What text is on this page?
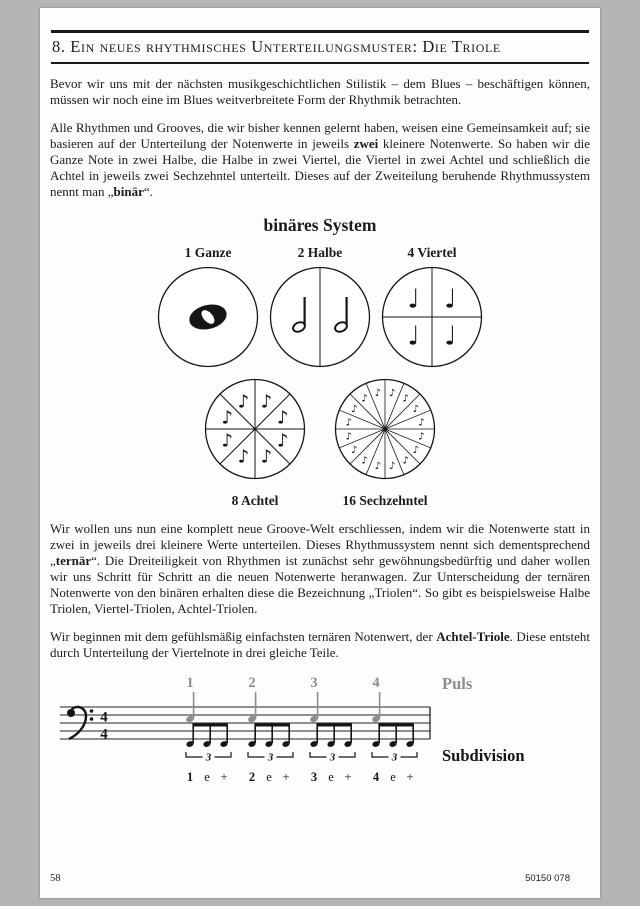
8. Ein neues rhythmisches Unterteilungsmuster: Die Triole

Bevor wir uns mit der nächsten musikgeschichtlichen Stilistik – dem Blues – beschäftigen können, müssen wir noch eine im Blues weitverbreitete Form der Rhythmik betrachten.

Alle Rhythmen und Grooves, die wir bisher kennen gelernt haben, weisen eine Gemeinsamkeit auf; sie basieren auf der Unterteilung der Notenwerte in jeweils zwei kleinere Notenwerte. So haben wir die Ganze Note in zwei Halbe, die Halbe in zwei Viertel, die Viertel in zwei Achtel und schließlich die Achtel in jeweils zwei Sechzehntel unterteilt. Dieses auf der Zweiteilung beruhende Rhythmussystem nennt man „binär“.

binäres System
1 Ganze	2 Halbe	4 Viertel
♩
♩
♩
♩
♪
♪
♪
♪
♪
♪
♪
♪
8 Achtel
♪
♪
♪
♪
♪
♪
♪
♪
♪
♪
♪
♪
♪
♪
♪
♪
16 Sechzehntel

Wir wollen uns nun eine komplett neue Groove-Welt erschliessen, indem wir die Notenwerte statt in zwei in jeweils drei kleinere Werte unterteilen. Dieses Rhythmussystem nennt sich dementsprechend „ternär“. Die Dreiteiligkeit von Rhythmen ist zunächst sehr gewöhnungsbedürftig und daher wollen wir uns Schritt für Schritt an die neuen Notenwerte heranwagen. Zur Unterscheidung der ternären Notenwerte von den binären erhalten diese die Bezeichnung „Triolen“. So gibt es beispielsweise Halbe Triolen, Viertel-Triolen, Achtel-Triolen.

Wir beginnen mit dem gefühlsmäßig einfachsten ternären Notenwert, der Achtel-Triole. Diese entsteht durch Unterteilung der Viertelnote in drei gleiche Teile.

4
4
1	2	3	4	Puls
3	3	3	3	Subdivision
1 e + 2 e + 3 e + 4 e +
58	50150 078
